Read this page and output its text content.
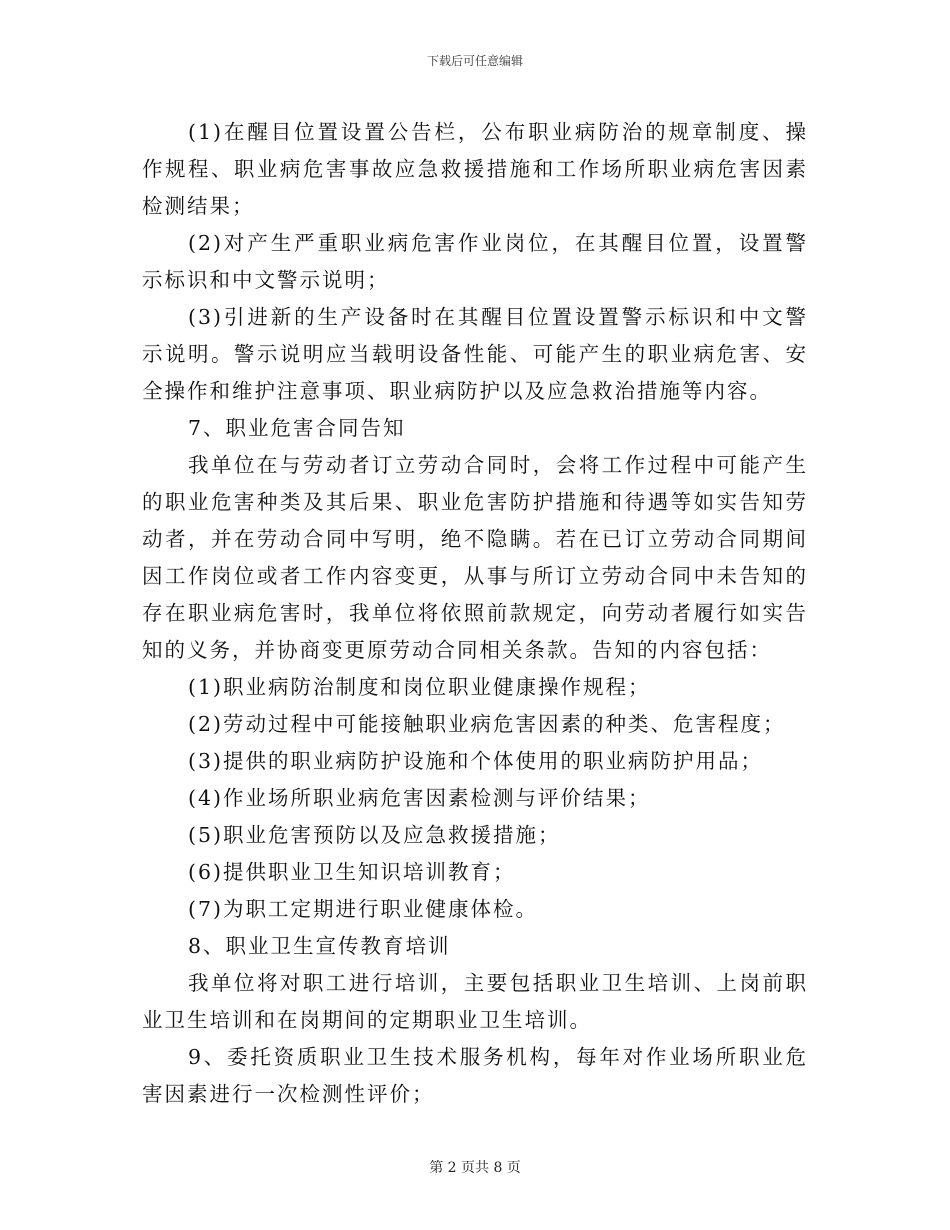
下载后可任意编辑

(1)在醒目位置设置公告栏，公布职业病防治的规章制度、操作规程、职业病危害事故应急救援措施和工作场所职业病危害因素检测结果；

(2)对产生严重职业病危害作业岗位，在其醒目位置，设置警示标识和中文警示说明；

(3)引进新的生产设备时在其醒目位置设置警示标识和中文警示说明。警示说明应当载明设备性能、可能产生的职业病危害、安全操作和维护注意事项、职业病防护以及应急救治措施等内容。

7、职业危害合同告知

我单位在与劳动者订立劳动合同时，会将工作过程中可能产生的职业危害种类及其后果、职业危害防护措施和待遇等如实告知劳动者，并在劳动合同中写明，绝不隐瞒。若在已订立劳动合同期间因工作岗位或者工作内容变更，从事与所订立劳动合同中未告知的存在职业病危害时，我单位将依照前款规定，向劳动者履行如实告知的义务，并协商变更原劳动合同相关条款。告知的内容包括：

(1)职业病防治制度和岗位职业健康操作规程；

(2)劳动过程中可能接触职业病危害因素的种类、危害程度；

(3)提供的职业病防护设施和个体使用的职业病防护用品；

(4)作业场所职业病危害因素检测与评价结果；

(5)职业危害预防以及应急救援措施；

(6)提供职业卫生知识培训教育；

(7)为职工定期进行职业健康体检。

8、职业卫生宣传教育培训

我单位将对职工进行培训，主要包括职业卫生培训、上岗前职业卫生培训和在岗期间的定期职业卫生培训。

9、委托资质职业卫生技术服务机构，每年对作业场所职业危害因素进行一次检测性评价；

第 2 页共 8 页
